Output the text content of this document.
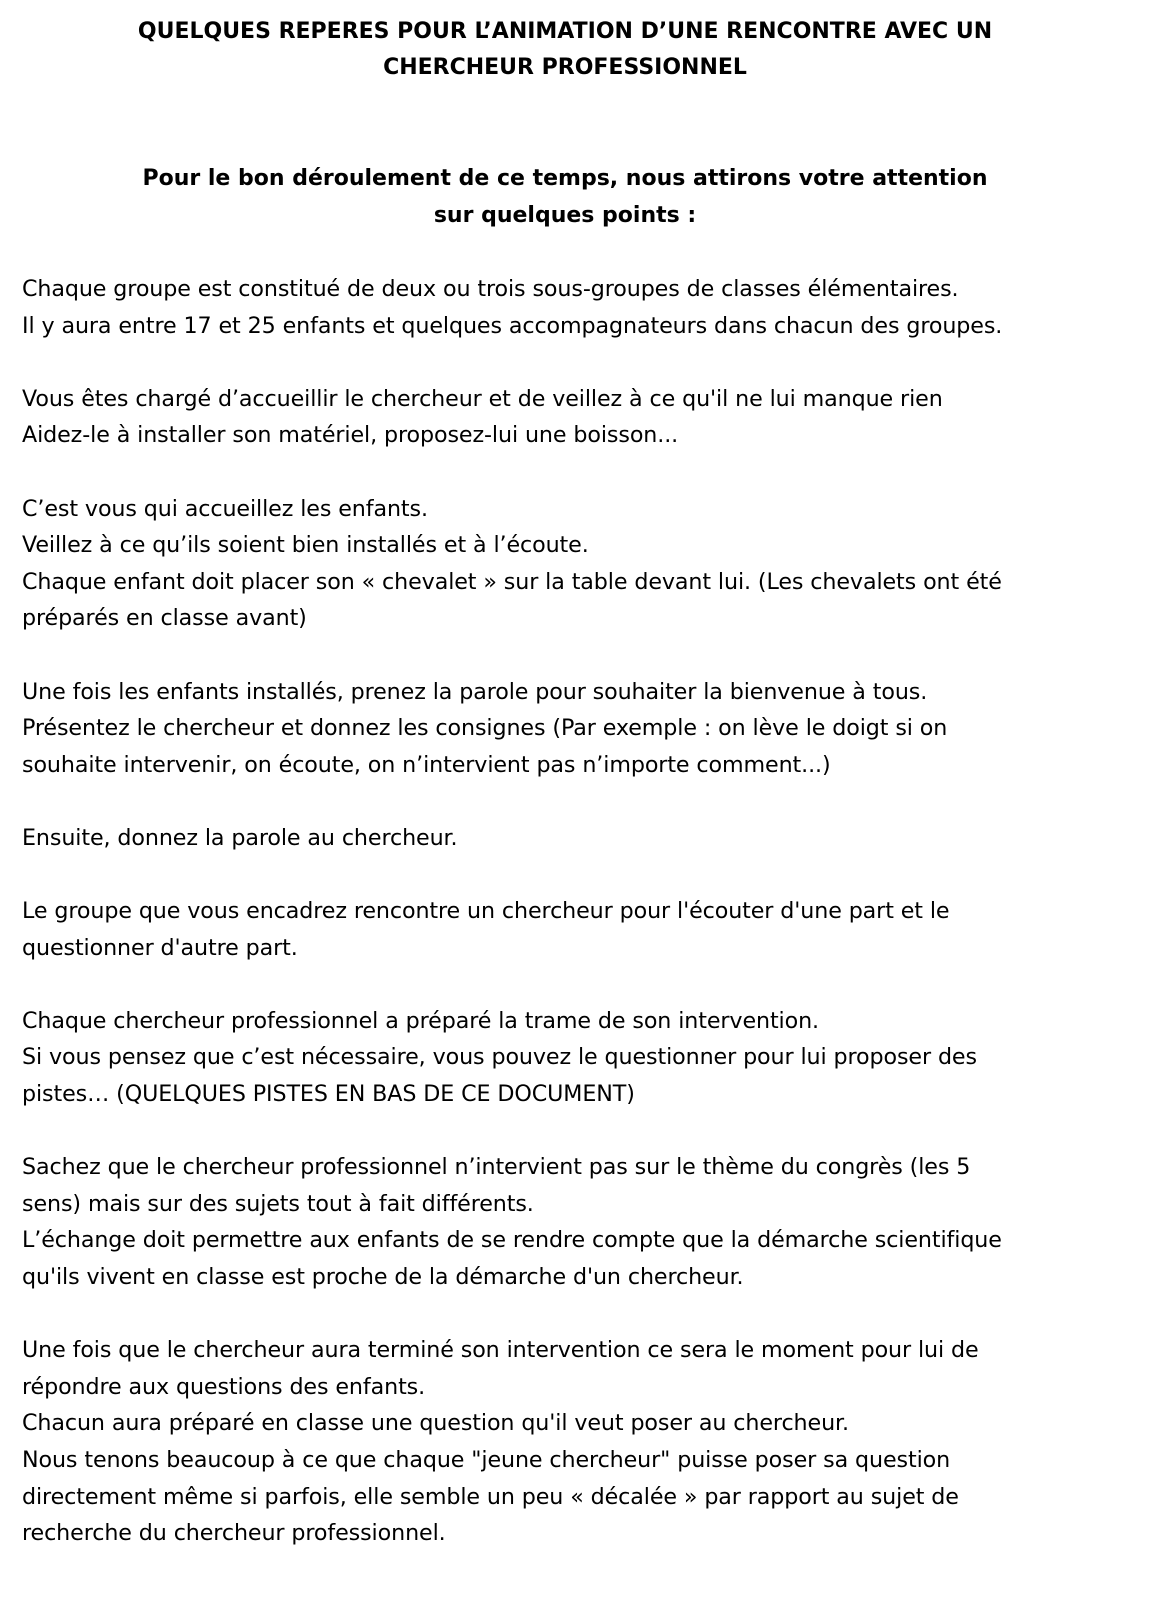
QUELQUES REPERES POUR L’ANIMATION D’UNE RENCONTRE AVEC UN
CHERCHEUR PROFESSIONNEL
Pour le bon déroulement de ce temps, nous attirons votre attention
sur quelques points :
Chaque groupe est constitué de deux ou trois sous-groupes de classes élémentaires.
Il y aura entre 17 et 25 enfants et quelques accompagnateurs dans chacun des groupes.
Vous êtes chargé d’accueillir le chercheur et de veillez à ce qu'il ne lui manque rien
Aidez-le à installer son matériel, proposez-lui une boisson...
C’est vous qui accueillez les enfants.
Veillez à ce qu’ils soient bien installés et à l’écoute.
Chaque enfant doit placer son « chevalet » sur la table devant lui. (Les chevalets ont été
préparés en classe avant)
Une fois les enfants installés, prenez la parole pour souhaiter la bienvenue à tous.
Présentez le chercheur et donnez les consignes (Par exemple : on lève le doigt si on
souhaite intervenir, on écoute, on n’intervient pas n’importe comment...)
Ensuite, donnez la parole au chercheur.
Le groupe que vous encadrez rencontre un chercheur pour l'écouter d'une part et le
questionner d'autre part.
Chaque chercheur professionnel a préparé la trame de son intervention.
Si vous pensez que c’est nécessaire, vous pouvez le questionner pour lui proposer des
pistes… (QUELQUES PISTES EN BAS DE CE DOCUMENT)
Sachez que le chercheur professionnel n’intervient pas sur le thème du congrès (les 5
sens) mais sur des sujets tout à fait différents.
L’échange doit permettre aux enfants de se rendre compte que la démarche scientifique
qu'ils vivent en classe est proche de la démarche d'un chercheur.
Une fois que le chercheur aura terminé son intervention ce sera le moment pour lui de
répondre aux questions des enfants.
Chacun aura préparé en classe une question qu'il veut poser au chercheur.
Nous tenons beaucoup à ce que chaque "jeune chercheur" puisse poser sa question
directement même si parfois, elle semble un peu « décalée » par rapport au sujet de
recherche du chercheur professionnel.
